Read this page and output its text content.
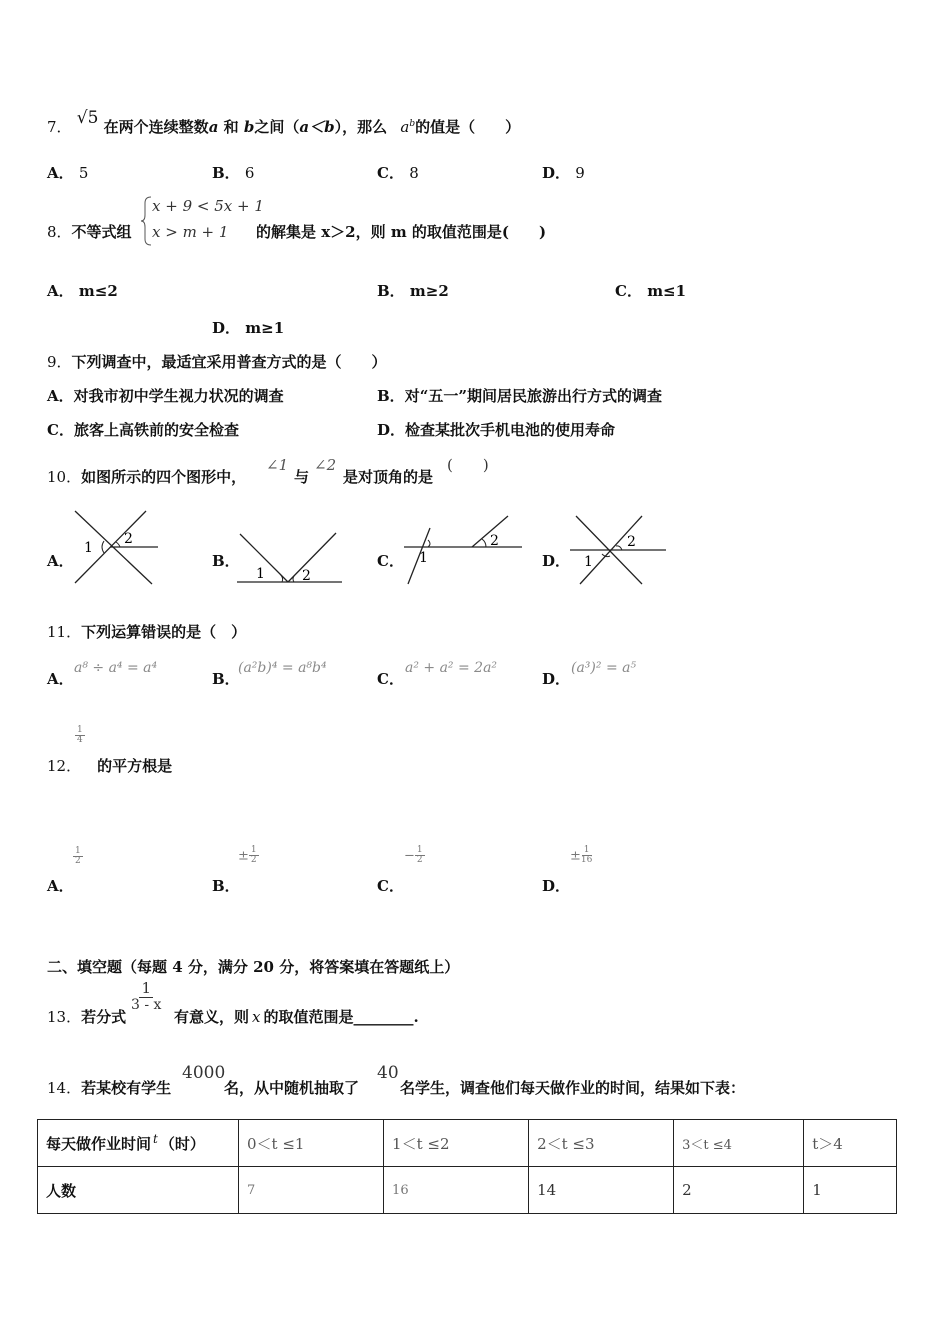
7． √5 在两个连续整数a 和 b之间（a＜b），那么 $a^b$的值是（　　）
A． 5	B． 6	C． 8	D． 9
8．不等式组
x + 9 < 5x + 1
x > m + 1 的解集是 x＞2，则 m 的取值范围是(　　)
A． m≤2	B． m≥2	C． m≤1
D． m≥1
9．下列调查中，最适宜采用普查方式的是（　　）
A．对我市初中学生视力状况的调查	B．对“五一”期间居民旅游出行方式的调查
C．旅客上高铁前的安全检查	D．检查某批次手机电池的使用寿命
10．如图所示的四个图形中，
∠1
与
∠2
是对顶角的是
(　　)
A．
1
2
B．
1	2
C． 1
2
D． 1
2
11．下列运算错误的是（　）
A．
a⁸ ÷ a⁴ = a⁴
B．
(a²b)⁴ = a⁸b⁴
C．
a² + a² = 2a²
D．
(a³)² = a⁵
$\frac{1}{4}$
12． 的平方根是
A．
$\frac{1}{2}$
B．
± $\frac{1}{2}$
C．
− $\frac{1}{2}$
D．
± $\frac{1}{16}$
二、填空题（每题 4 分，满分 20 分，将答案填在答题纸上）
13．若分式
$\frac{1}{3 - x}$
有意义，则 x 的取值范围是________.
14．若某校有学生
4000
名，从中随机抽取了
40
名学生，调查他们每天做作业的时间，结果如下表：
每天做作业时间 $^t$ （时）	0＜t ≤1	1＜t ≤2	2＜t ≤3	3＜t ≤4	t＞4
人数	7	16	14	2	1
